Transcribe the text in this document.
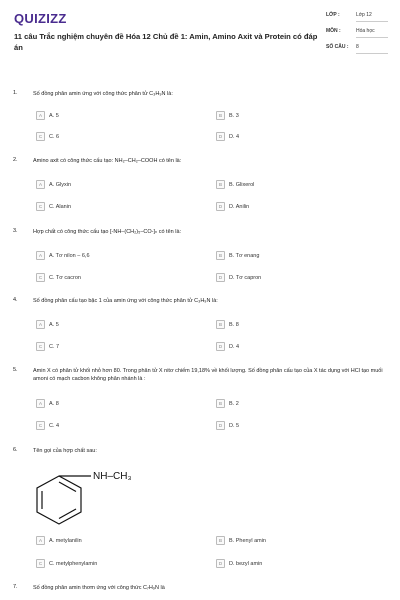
QUIZIZZ
11 câu Trắc nghiệm chuyên đề Hóa 12 Chủ đề 1: Amin, Amino Axit và Protein có đáp án
LỚP :	Lớp 12
MÔN :	Hóa học
SỐ CÂU :	8
1.	Số đồng phân amin ứng với công thức phân tử C₃H₉N là:
A	A. 5	B	B. 3
C	C. 6	D	D. 4
2.	Amino axit có công thức cấu tạo: NH₂–CH₂–COOH có tên là:
A	A. Glyxin	B	B. Glixerol
C	C. Alanin	D	D. Anilin
3.	Hợp chất có công thức cấu tạo [-NH–(CH₂)₅–CO-]ₙ có tên là:
A	A. Tơ nilon – 6,6	B	B. Tơ enang
C	C. Tơ cacron	D	D. Tơ capron
4.	Số đồng phân cấu tạo bậc 1 của amin ứng với công thức phân tử C₃H₉N là:
A	A. 5	B	B. 8
C	C. 7	D	D. 4
5.	Amin X có phân tử khối nhỏ hơn 80. Trong phân tử X nitơ chiếm 19,18% về khối lượng. Số đồng phân cấu tạo của X tác dụng với HCl tạo muối amoni có mạch cacbon không phân nhánh là :
A	A. 8	B	B. 2
C	C. 4	D	D. 5
6.	Tên gọi của hợp chất sau:
NH–CH₃
A	A. metylanilin	B	B. Phenyl amin
C	C. metylphenylamin	D	D. bezyl amin
7.	Số đồng phân amin thơm ứng với công thức C₇H₉N là
